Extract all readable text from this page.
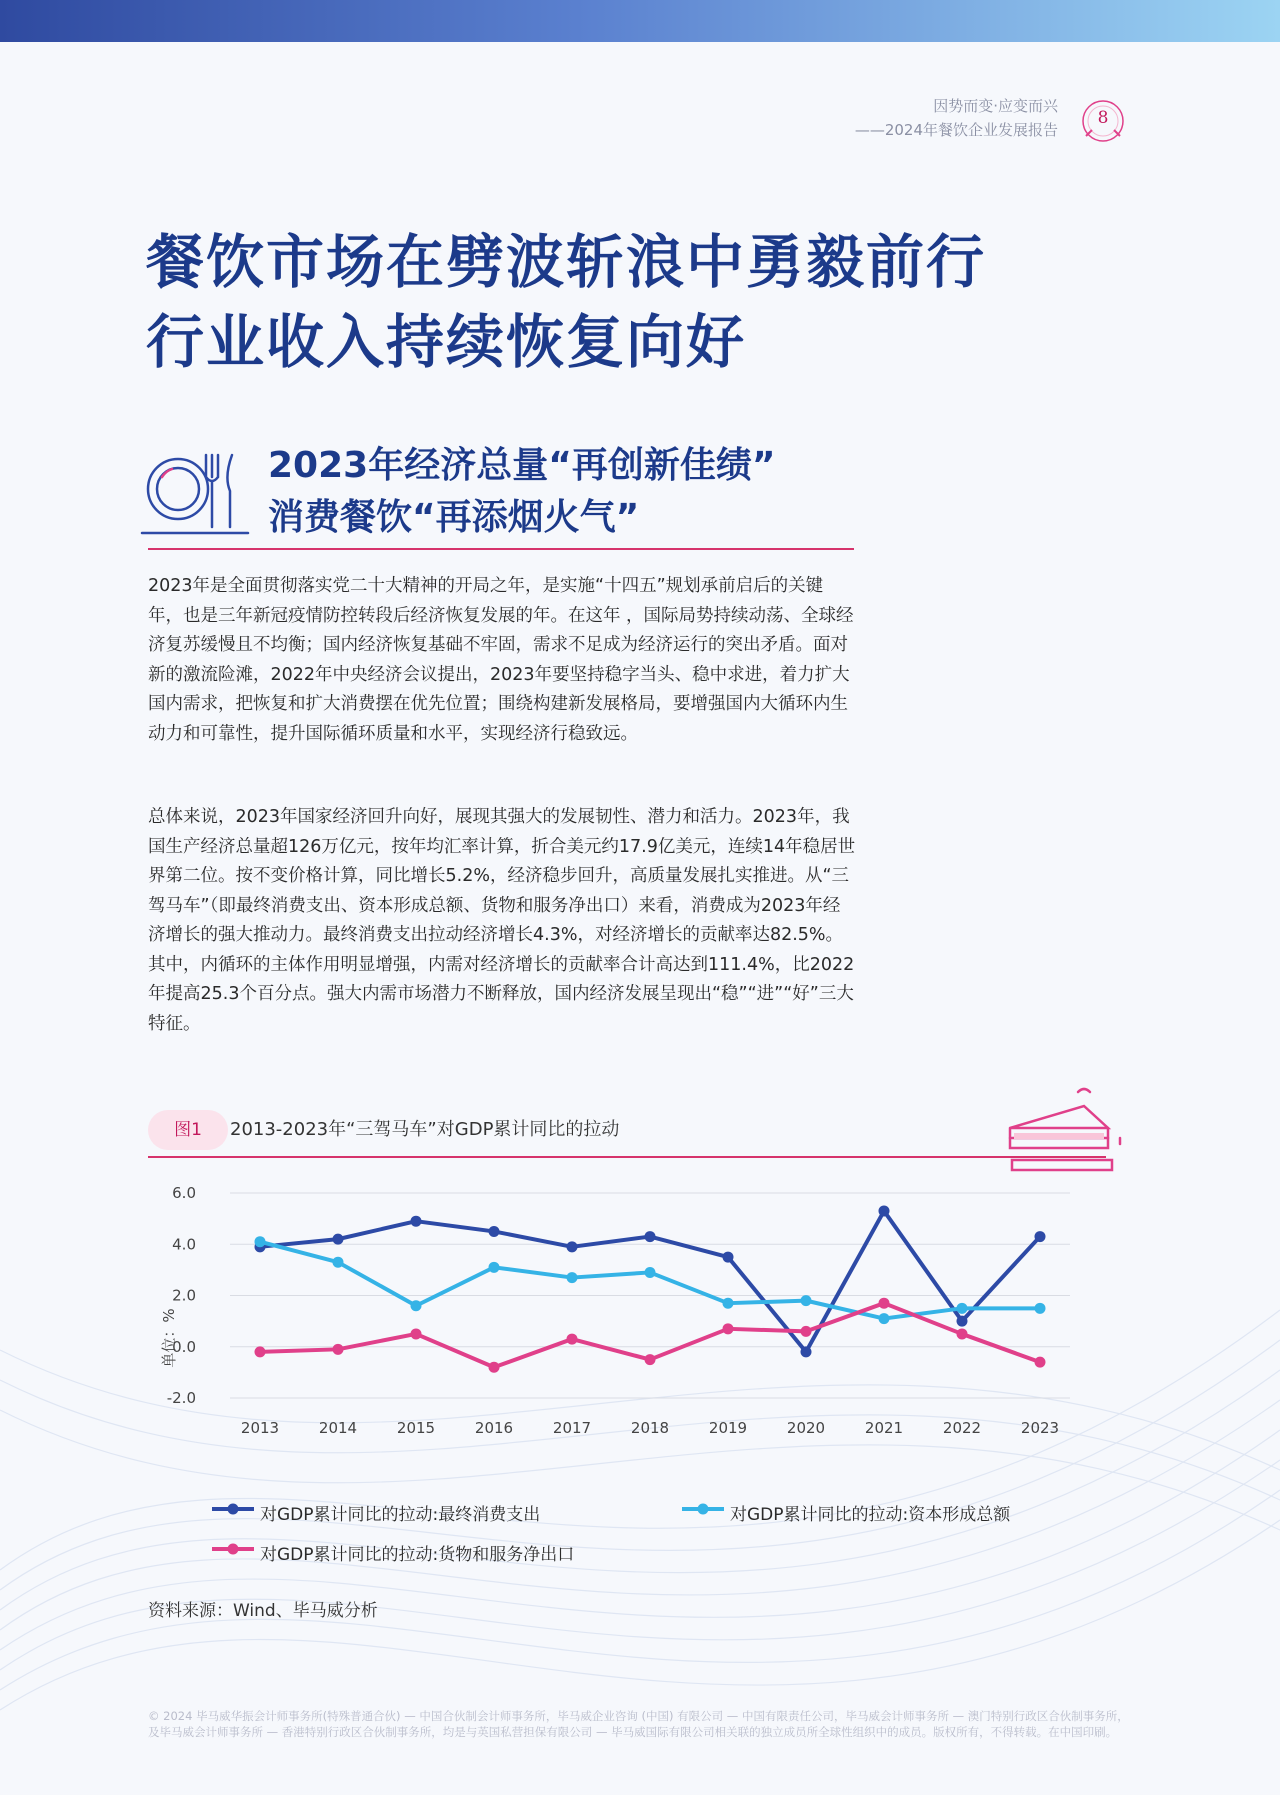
因势而变·应变而兴
——2024年餐饮企业发展报告
8
餐饮市场在劈波斩浪中勇毅前行
行业收入持续恢复向好
2023年经济总量“再创新佳绩”
消费餐饮“再添烟火气”

2023年是全面贯彻落实党二十大精神的开局之年，是实施“十四五”规划承前启后的关键年，也是三年新冠疫情防控转段后经济恢复发展的年。在这年 ，国际局势持续动荡、全球经济复苏缓慢且不均衡；国内经济恢复基础不牢固，需求不足成为经济运行的突出矛盾。面对新的激流险滩，2022年中央经济会议提出，2023年要坚持稳字当头、稳中求进，着力扩大国内需求，把恢复和扩大消费摆在优先位置；围绕构建新发展格局，要增强国内大循环内生动力和可靠性，提升国际循环质量和水平，实现经济行稳致远。

总体来说，2023年国家经济回升向好，展现其强大的发展韧性、潜力和活力。2023年，我国生产经济总量超126万亿元，按年均汇率计算，折合美元约17.9亿美元，连续14年稳居世界第二位。按不变价格计算，同比增长5.2%，经济稳步回升，高质量发展扎实推进。从“三驾马车”（即最终消费支出、资本形成总额、货物和服务净出口）来看，消费成为2023年经济增长的强大推动力。最终消费支出拉动经济增长4.3%，对经济增长的贡献率达82.5%。其中，内循环的主体作用明显增强，内需对经济增长的贡献率合计高达到111.4%，比2022年提高25.3个百分点。强大内需市场潜力不断释放，国内经济发展呈现出“稳”“进”“好”三大特征。

图1	2013-2023年“三驾马车”对GDP累计同比的拉动
6.0
4.0
2.0
0.0
-2.0
2013	2014	2015	2016	2017	2018	2019	2020	2021	2022	2023
单位：%
对GDP累计同比的拉动:最终消费支出	对GDP累计同比的拉动:资本形成总额
对GDP累计同比的拉动:货物和服务净出口
资料来源：Wind、毕马威分析
© 2024 毕马威华振会计师事务所(特殊普通合伙) — 中国合伙制会计师事务所，毕马威企业咨询 (中国) 有限公司 — 中国有限责任公司，毕马威会计师事务所 — 澳门特别行政区合伙制事务所，及毕马威会计师事务所 — 香港特别行政区合伙制事务所，均是与英国私营担保有限公司 — 毕马威国际有限公司相关联的独立成员所全球性组织中的成员。版权所有，不得转载。在中国印刷。
